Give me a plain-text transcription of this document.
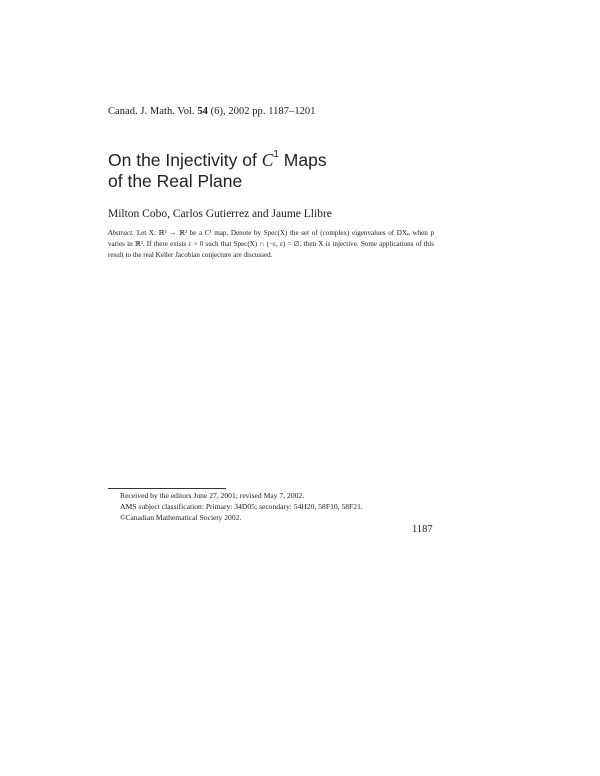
Canad. J. Math. Vol. 54 (6), 2002 pp. 1187–1201
On the Injectivity of $C^1$ Maps
of the Real Plane
Milton Cobo, Carlos Gutierrez and Jaume Llibre
Abstract. Let X: ℝ² → ℝ² be a C¹ map. Denote by Spec(X) the set of (complex) eigenvalues of DXₚ when p varies in ℝ². If there exists ε > 0 such that Spec(X) ∩ (−ε, ε) = ∅, then X is injective. Some applications of this result to the real Keller Jacobian conjecture are discussed.
Received by the editors June 27, 2001; revised May 7, 2002.
AMS subject classification: Primary: 34D05; secondary: 54H20, 58F10, 58F21.
©Canadian Mathematical Society 2002.
1187
